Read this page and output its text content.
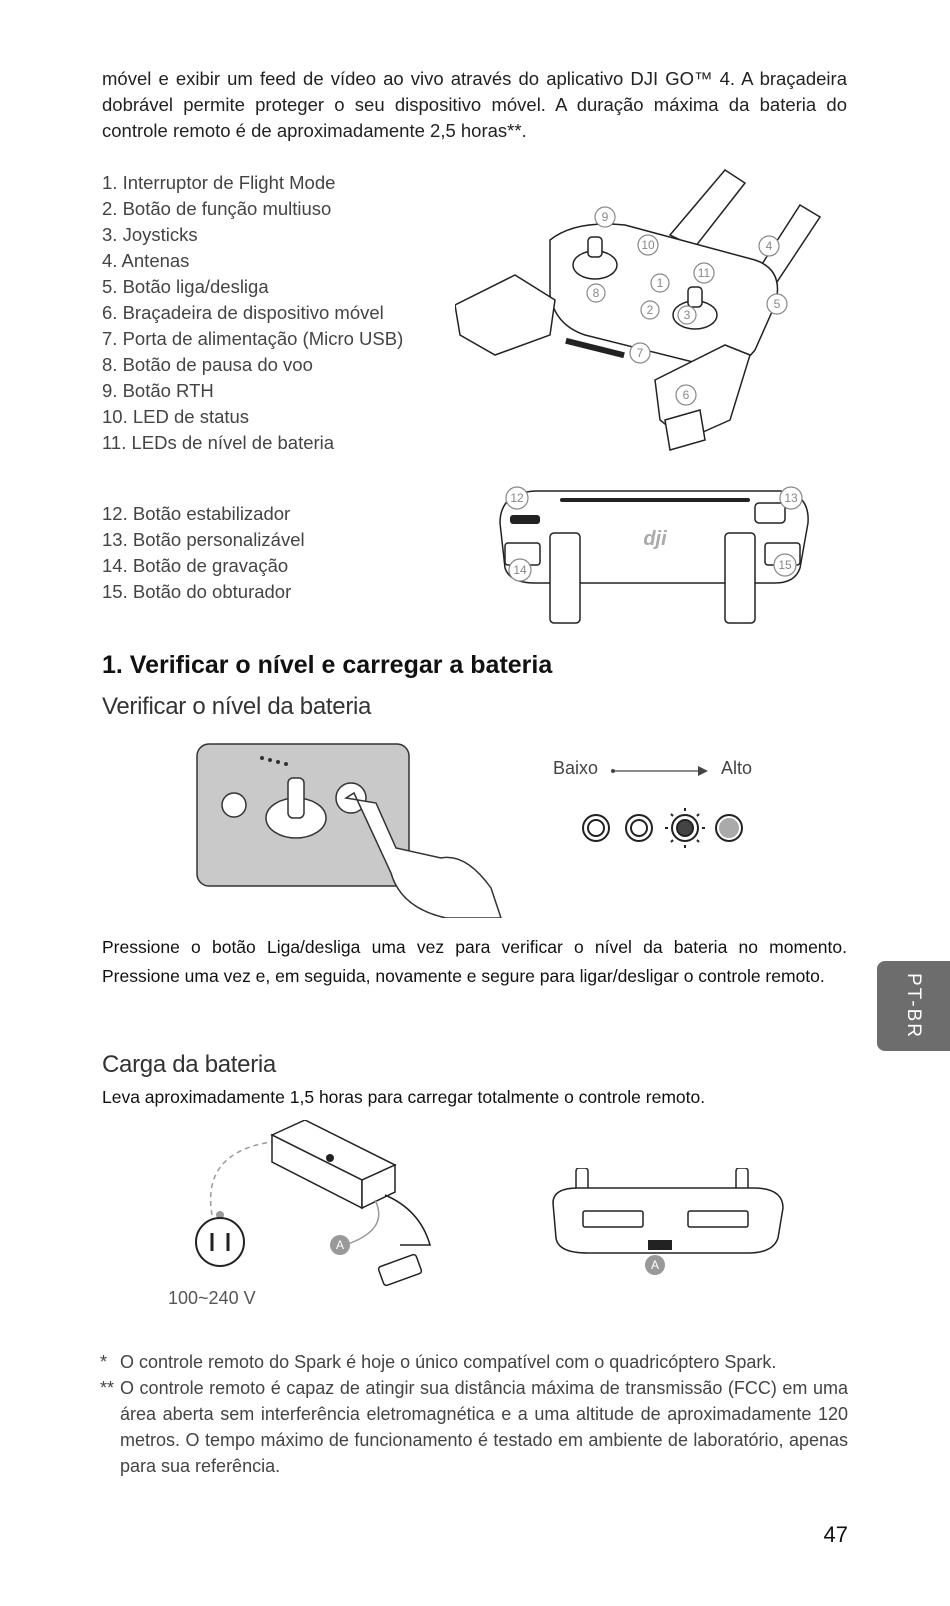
móvel e exibir um feed de vídeo ao vivo através do aplicativo DJI GO™ 4. A braçadeira dobrável permite proteger o seu dispositivo móvel. A duração máxima da bateria do controle remoto é de aproximadamente 2,5 horas**.

1. Interruptor de Flight Mode
2. Botão de função multiuso
3. Joysticks
4. Antenas
5. Botão liga/desliga
6. Braçadeira de dispositivo móvel
7. Porta de alimentação (Micro USB)
8. Botão de pausa do voo
9. Botão RTH
10. LED de status
11. LEDs de nível de bateria
1
2	3
4
5
6
7
8
9
10
11
12. Botão estabilizador
13. Botão personalizável
14. Botão de gravação
15. Botão do obturador
dji
12	13
14	15
1. Verificar o nível e carregar a bateria
Verificar o nível da bateria
Baixo	Alto

Pressione o botão Liga/desliga uma vez para verificar o nível da bateria no momento. Pressione uma vez e, em seguida, novamente e segure para ligar/desligar o controle remoto.	PT-BR
Carga da bateria

Leva aproximadamente 1,5 horas para carregar totalmente o controle remoto.

A
100~240 V
A

* O controle remoto do Spark é hoje o único compatível com o quadricóptero Spark.

** O controle remoto é capaz de atingir sua distância máxima de transmissão (FCC) em uma área aberta sem interferência eletromagnética e a uma altitude de aproximadamente 120 metros. O tempo máximo de funcionamento é testado em ambiente de laboratório, apenas para sua referência.

47
